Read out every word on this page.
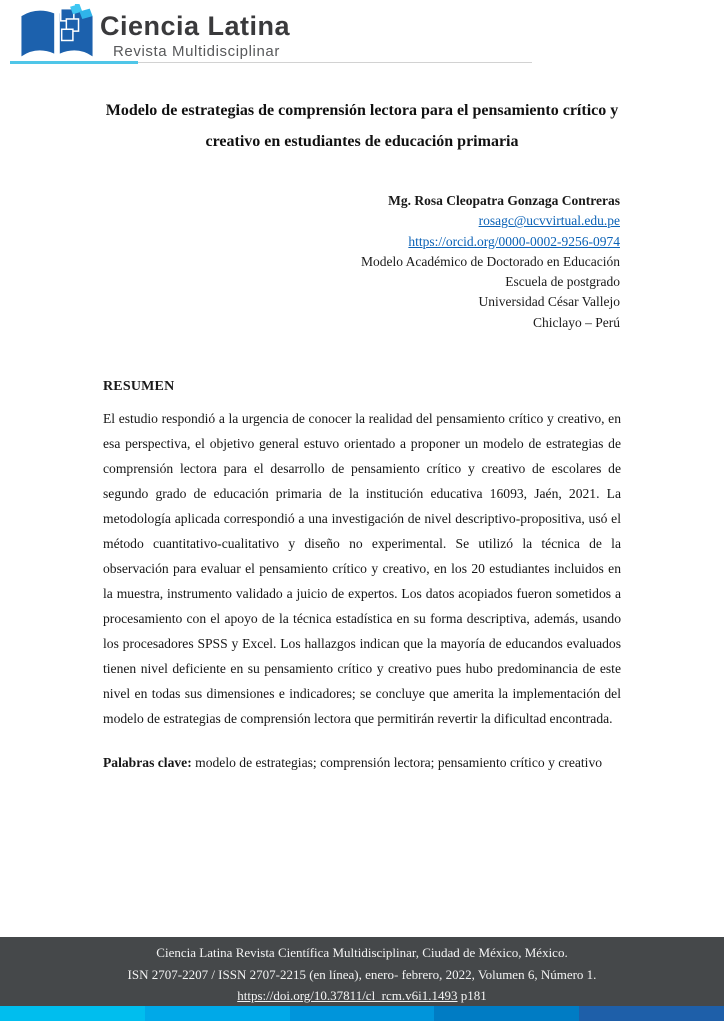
Ciencia Latina
Revista Multidisciplinar
Modelo de estrategias de comprensión lectora para el pensamiento crítico y creativo en estudiantes de educación primaria
Mg. Rosa Cleopatra Gonzaga Contreras
rosagc@ucvvirtual.edu.pe
https://orcid.org/0000-0002-9256-0974
Modelo Académico de Doctorado en Educación
Escuela de postgrado
Universidad César Vallejo
Chiclayo – Perú

RESUMEN

El estudio respondió a la urgencia de conocer la realidad del pensamiento crítico y creativo, en esa perspectiva, el objetivo general estuvo orientado a proponer un modelo de estrategias de comprensión lectora para el desarrollo de pensamiento crítico y creativo de escolares de segundo grado de educación primaria de la institución educativa 16093, Jaén, 2021. La metodología aplicada correspondió a una investigación de nivel descriptivo-propositiva, usó el método cuantitativo-cualitativo y diseño no experimental. Se utilizó la técnica de la observación para evaluar el pensamiento crítico y creativo, en los 20 estudiantes incluidos en la muestra, instrumento validado a juicio de expertos. Los datos acopiados fueron sometidos a procesamiento con el apoyo de la técnica estadística en su forma descriptiva, además, usando los procesadores SPSS y Excel. Los hallazgos indican que la mayoría de educandos evaluados tienen nivel deficiente en su pensamiento crítico y creativo pues hubo predominancia de este nivel en todas sus dimensiones e indicadores; se concluye que amerita la implementación del modelo de estrategias de comprensión lectora que permitirán revertir la dificultad encontrada.

Palabras clave: modelo de estrategias; comprensión lectora; pensamiento crítico y creativo

Ciencia Latina Revista Científica Multidisciplinar, Ciudad de México, México.
ISN 2707-2207 / ISSN 2707-2215 (en línea), enero- febrero, 2022, Volumen 6, Número 1.
https://doi.org/10.37811/cl_rcm.v6i1.1493 p181
